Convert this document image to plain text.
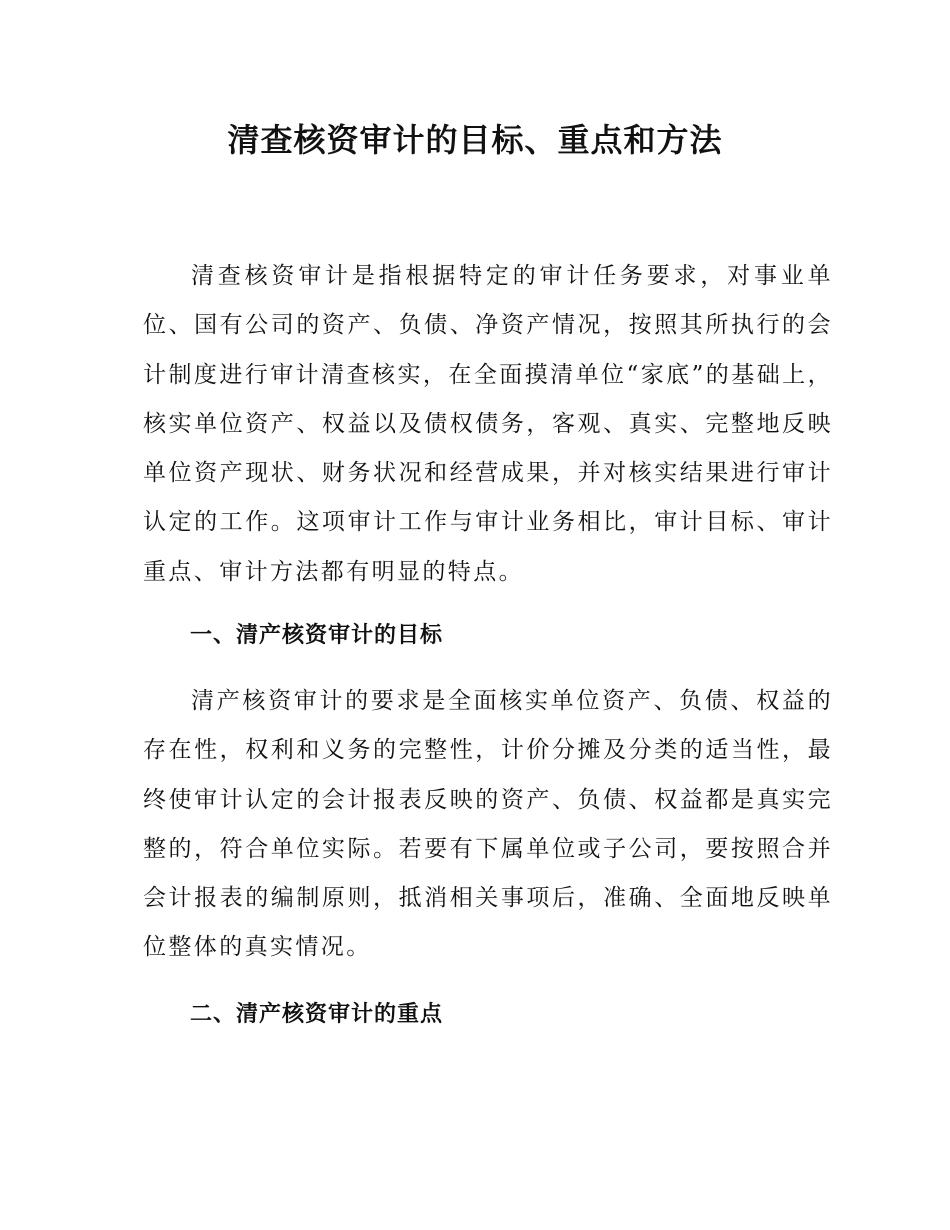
清查核资审计的目标、重点和方法

清查核资审计是指根据特定的审计任务要求，对事业单位、国有公司的资产、负债、净资产情况，按照其所执行的会计制度进行审计清查核实，在全面摸清单位“家底”的基础上，核实单位资产、权益以及债权债务，客观、真实、完整地反映单位资产现状、财务状况和经营成果，并对核实结果进行审计认定的工作。这项审计工作与审计业务相比，审计目标、审计重点、审计方法都有明显的特点。

一、清产核资审计的目标

清产核资审计的要求是全面核实单位资产、负债、权益的存在性，权利和义务的完整性，计价分摊及分类的适当性，最终使审计认定的会计报表反映的资产、负债、权益都是真实完整的，符合单位实际。若要有下属单位或子公司，要按照合并会计报表的编制原则，抵消相关事项后，准确、全面地反映单位整体的真实情况。

二、清产核资审计的重点
